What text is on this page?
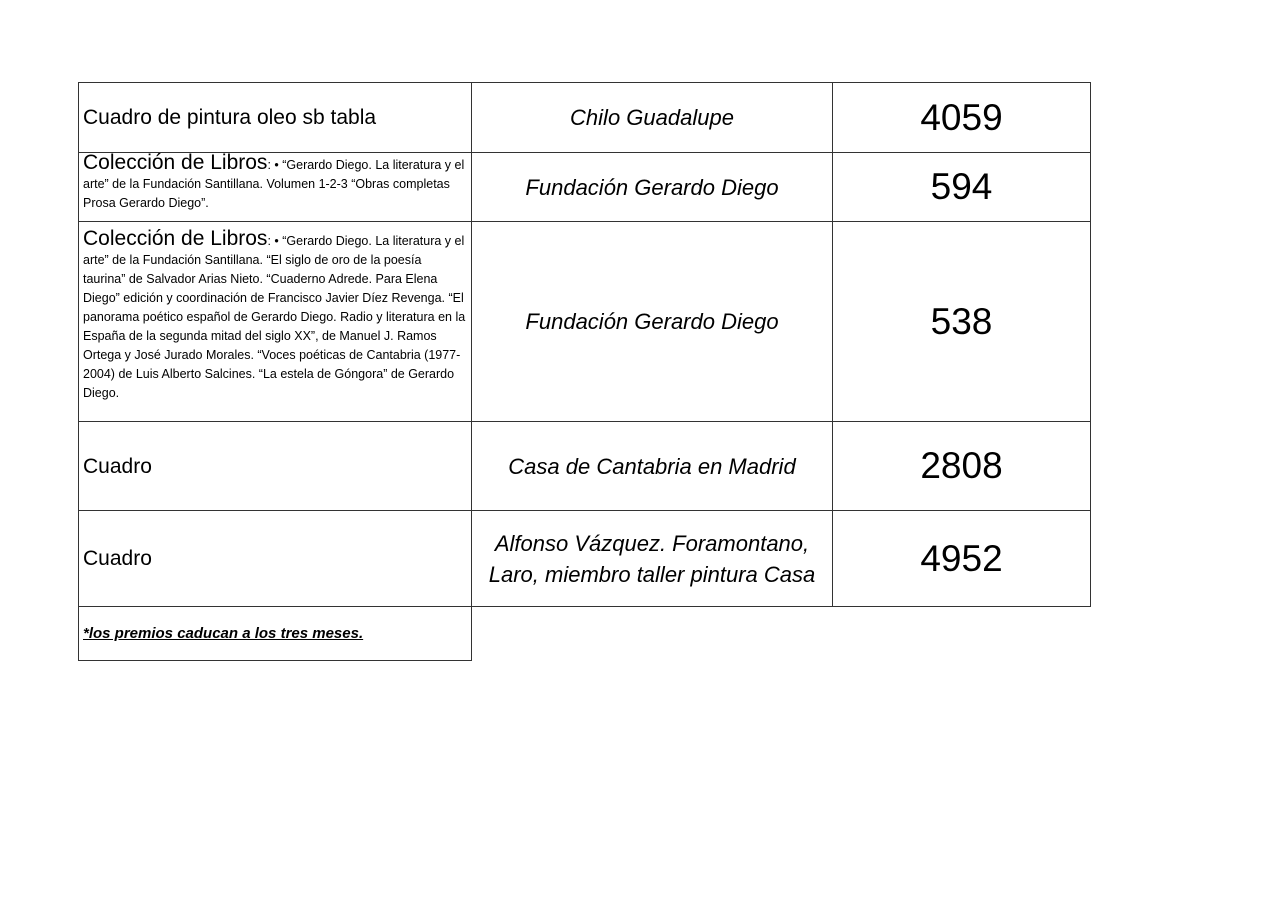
Cuadro de pintura oleo sb tabla	Chilo Guadalupe	4059

Colección de Libros: • “Gerardo Diego. La literatura y el arte” de la Fundación Santillana. Volumen 1-2-3 “Obras completas Prosa Gerardo Diego”.	Fundación Gerardo Diego	594

Colección de Libros: • “Gerardo Diego. La literatura y el arte” de la Fundación Santillana. “El siglo de oro de la poesía taurina” de Salvador Arias Nieto. “Cuaderno Adrede. Para Elena Diego” edición y coordinación de Francisco Javier Díez Revenga. “El panorama poético español de Gerardo Diego. Radio y literatura en la España de la segunda mitad del siglo XX”, de Manuel J. Ramos Ortega y José Jurado Morales. “Voces poéticas de Cantabria (1977-2004) de Luis Alberto Salcines. “La estela de Góngora” de Gerardo Diego.	Fundación Gerardo Diego	538
Cuadro	Casa de Cantabria en Madrid	2808
Cuadro	Alfonso Vázquez. Foramontano, Laro, miembro taller pintura Casa	4952
*los premios caducan a los tres meses.		
